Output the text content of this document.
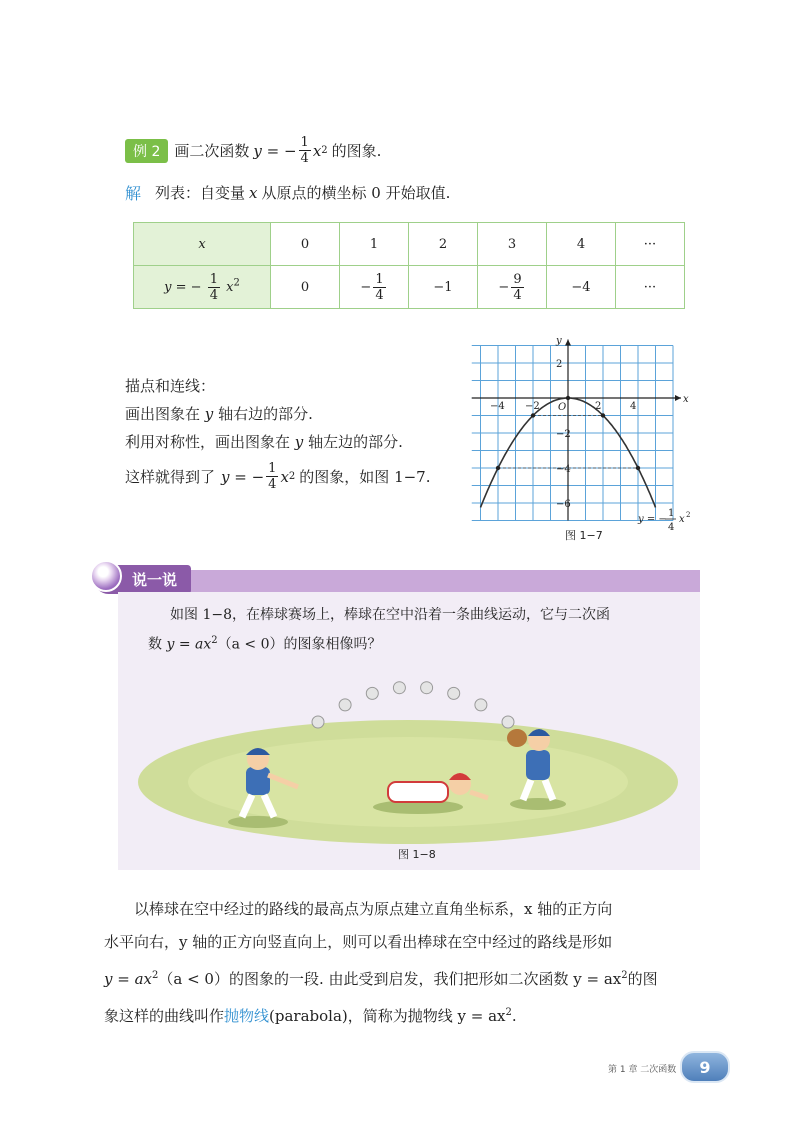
例 2 画二次函数 y = − $\frac{1}{4}$ x 2 的图象.
解 列表：自变量 x 从原点的横坐标 0 开始取值.
x	0	1	2	3	4	···
y = − $\frac{1}{4} x^2$	0	− $\frac{1}{4}$	−1	− $\frac{9}{4}$	−4	···
描点和连线：
画出图象在 y 轴右边的部分.
利用对称性，画出图象在 y 轴左边的部分.
这样就得到了 y = − $\frac{1}{4}$ x 2 的图象，如图 1−7.
x
y
O
−4 −2	2	4
2
−2
−4
−6
y = −
1
4
x 2
图 1−7
说一说
如图 1−8，在棒球赛场上，棒球在空中沿着一条曲线运动，它与二次函
数 $y = ax^2(a < 0)$的图象相像吗？
图 1−8
以棒球在空中经过的路线的最高点为原点建立直角坐标系，x 轴的正方向
水平向右，y 轴的正方向竖直向上，则可以看出棒球在空中经过的路线是形如
$y = ax^2(a < 0)$的图象的一段. 由此受到启发，我们把形如二次函数 $y = ax^2$的图
象这样的曲线叫作抛物线(parabola)，简称为抛物线 $y = ax^2$.
第 1 章 二次函数	9
